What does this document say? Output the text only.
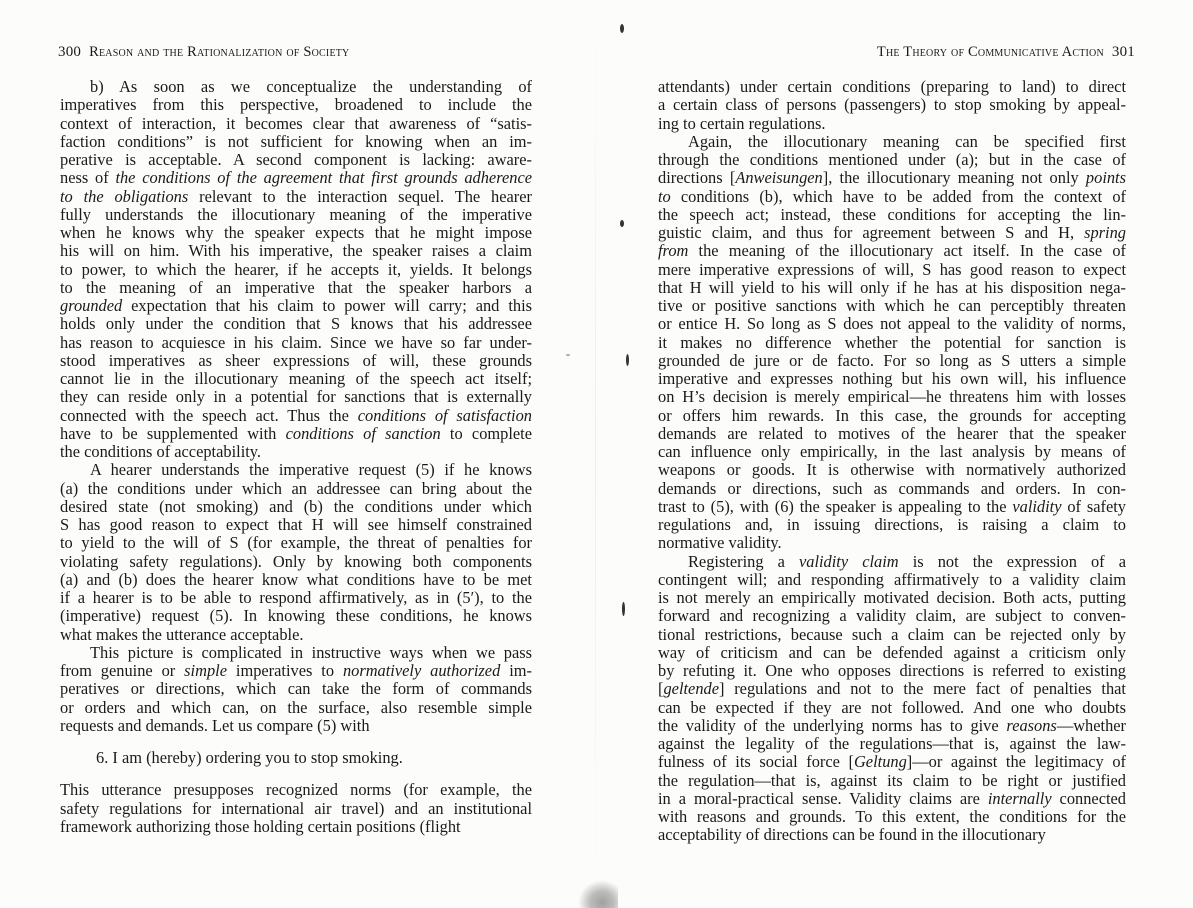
300 Reason and the Rationalization of Society
b) As soon as we conceptualize the understanding of
imperatives from this perspective, broadened to include the
context of interaction, it becomes clear that awareness of “satis-
faction conditions” is not sufficient for knowing when an im-
perative is acceptable. A second component is lacking: aware-
ness of the conditions of the agreement that first grounds adherence
to the obligations relevant to the interaction sequel. The hearer
fully understands the illocutionary meaning of the imperative
when he knows why the speaker expects that he might impose
his will on him. With his imperative, the speaker raises a claim
to power, to which the hearer, if he accepts it, yields. It belongs
to the meaning of an imperative that the speaker harbors a
grounded expectation that his claim to power will carry; and this
holds only under the condition that S knows that his addressee
has reason to acquiesce in his claim. Since we have so far under-
stood imperatives as sheer expressions of will, these grounds
cannot lie in the illocutionary meaning of the speech act itself;
they can reside only in a potential for sanctions that is externally
connected with the speech act. Thus the conditions of satisfaction
have to be supplemented with conditions of sanction to complete
the conditions of acceptability.
A hearer understands the imperative request (5) if he knows
(a) the conditions under which an addressee can bring about the
desired state (not smoking) and (b) the conditions under which
S has good reason to expect that H will see himself constrained
to yield to the will of S (for example, the threat of penalties for
violating safety regulations). Only by knowing both components
(a) and (b) does the hearer know what conditions have to be met
if a hearer is to be able to respond affirmatively, as in (5′), to the
(imperative) request (5). In knowing these conditions, he knows
what makes the utterance acceptable.
This picture is complicated in instructive ways when we pass
from genuine or simple imperatives to normatively authorized im-
peratives or directions, which can take the form of commands
or orders and which can, on the surface, also resemble simple
requests and demands. Let us compare (5) with
6. I am (hereby) ordering you to stop smoking.
This utterance presupposes recognized norms (for example, the
safety regulations for international air travel) and an institutional
framework authorizing those holding certain positions (flight
The Theory of Communicative Action 301
attendants) under certain conditions (preparing to land) to direct
a certain class of persons (passengers) to stop smoking by appeal-
ing to certain regulations.
Again, the illocutionary meaning can be specified first
through the conditions mentioned under (a); but in the case of
directions [Anweisungen], the illocutionary meaning not only points
to conditions (b), which have to be added from the context of
the speech act; instead, these conditions for accepting the lin-
guistic claim, and thus for agreement between S and H, spring
from the meaning of the illocutionary act itself. In the case of
mere imperative expressions of will, S has good reason to expect
that H will yield to his will only if he has at his disposition nega-
tive or positive sanctions with which he can perceptibly threaten
or entice H. So long as S does not appeal to the validity of norms,
it makes no difference whether the potential for sanction is
grounded de jure or de facto. For so long as S utters a simple
imperative and expresses nothing but his own will, his influence
on H’s decision is merely empirical—he threatens him with losses
or offers him rewards. In this case, the grounds for accepting
demands are related to motives of the hearer that the speaker
can influence only empirically, in the last analysis by means of
weapons or goods. It is otherwise with normatively authorized
demands or directions, such as commands and orders. In con-
trast to (5), with (6) the speaker is appealing to the validity of safety
regulations and, in issuing directions, is raising a claim to
normative validity.
Registering a validity claim is not the expression of a
contingent will; and responding affirmatively to a validity claim
is not merely an empirically motivated decision. Both acts, putting
forward and recognizing a validity claim, are subject to conven-
tional restrictions, because such a claim can be rejected only by
way of criticism and can be defended against a criticism only
by refuting it. One who opposes directions is referred to existing
[geltende] regulations and not to the mere fact of penalties that
can be expected if they are not followed. And one who doubts
the validity of the underlying norms has to give reasons—whether
against the legality of the regulations—that is, against the law-
fulness of its social force [Geltung]—or against the legitimacy of
the regulation—that is, against its claim to be right or justified
in a moral-practical sense. Validity claims are internally connected
with reasons and grounds. To this extent, the conditions for the
acceptability of directions can be found in the illocutionary
